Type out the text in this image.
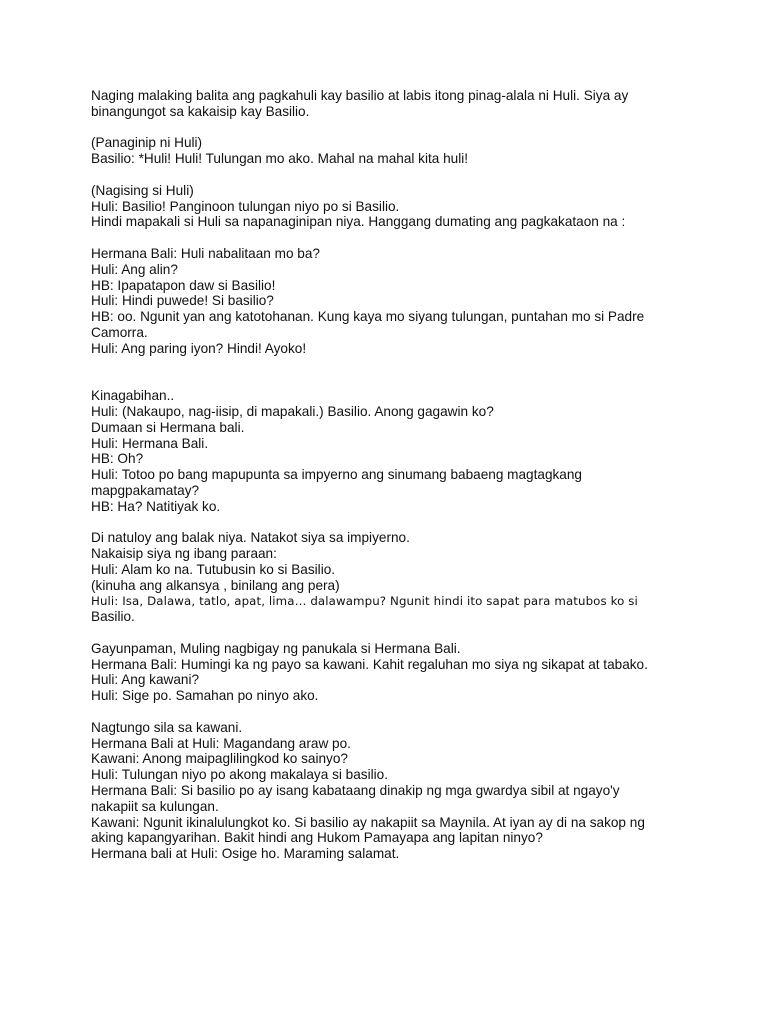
Naging malaking balita ang pagkahuli kay basilio at labis itong pinag-alala ni Huli. Siya ay
binangungot sa kakaisip kay Basilio.

(Panaginip ni Huli)
Basilio: *Huli! Huli! Tulungan mo ako. Mahal na mahal kita huli!

(Nagising si Huli)
Huli: Basilio! Panginoon tulungan niyo po si Basilio.
Hindi mapakali si Huli sa napanaginipan niya. Hanggang dumating ang pagkakataon na :

Hermana Bali: Huli nabalitaan mo ba?
Huli: Ang alin?
HB: Ipapatapon daw si Basilio!
Huli: Hindi puwede! Si basilio?
HB: oo. Ngunit yan ang katotohanan. Kung kaya mo siyang tulungan, puntahan mo si Padre
Camorra.
Huli: Ang paring iyon? Hindi! Ayoko!

Kinagabihan..
Huli: (Nakaupo, nag-iisip, di mapakali.) Basilio. Anong gagawin ko?
Dumaan si Hermana bali.
Huli: Hermana Bali.
HB: Oh?
Huli: Totoo po bang mapupunta sa impyerno ang sinumang babaeng magtagkang
mapgpakamatay?
HB: Ha? Natitiyak ko.

Di natuloy ang balak niya. Natakot siya sa impiyerno.
Nakaisip siya ng ibang paraan:
Huli: Alam ko na. Tutubusin ko si Basilio.
(kinuha ang alkansya , binilang ang pera)
Huli: Isa, Dalawa, tatlo, apat, lima… dalawampu? Ngunit hindi ito sapat para matubos ko si
Basilio.

Gayunpaman, Muling nagbigay ng panukala si Hermana Bali.
Hermana Bali: Humingi ka ng payo sa kawani. Kahit regaluhan mo siya ng sikapat at tabako.
Huli: Ang kawani?
Huli: Sige po. Samahan po ninyo ako.

Nagtungo sila sa kawani.
Hermana Bali at Huli: Magandang araw po.
Kawani: Anong maipaglilingkod ko sainyo?
Huli: Tulungan niyo po akong makalaya si basilio.
Hermana Bali: Si basilio po ay isang kabataang dinakip ng mga gwardya sibil at ngayo'y
nakapiit sa kulungan.
Kawani: Ngunit ikinalulungkot ko. Si basilio ay nakapiit sa Maynila. At iyan ay di na sakop ng
aking kapangyarihan. Bakit hindi ang Hukom Pamayapa ang lapitan ninyo?
Hermana bali at Huli: Osige ho. Maraming salamat.
